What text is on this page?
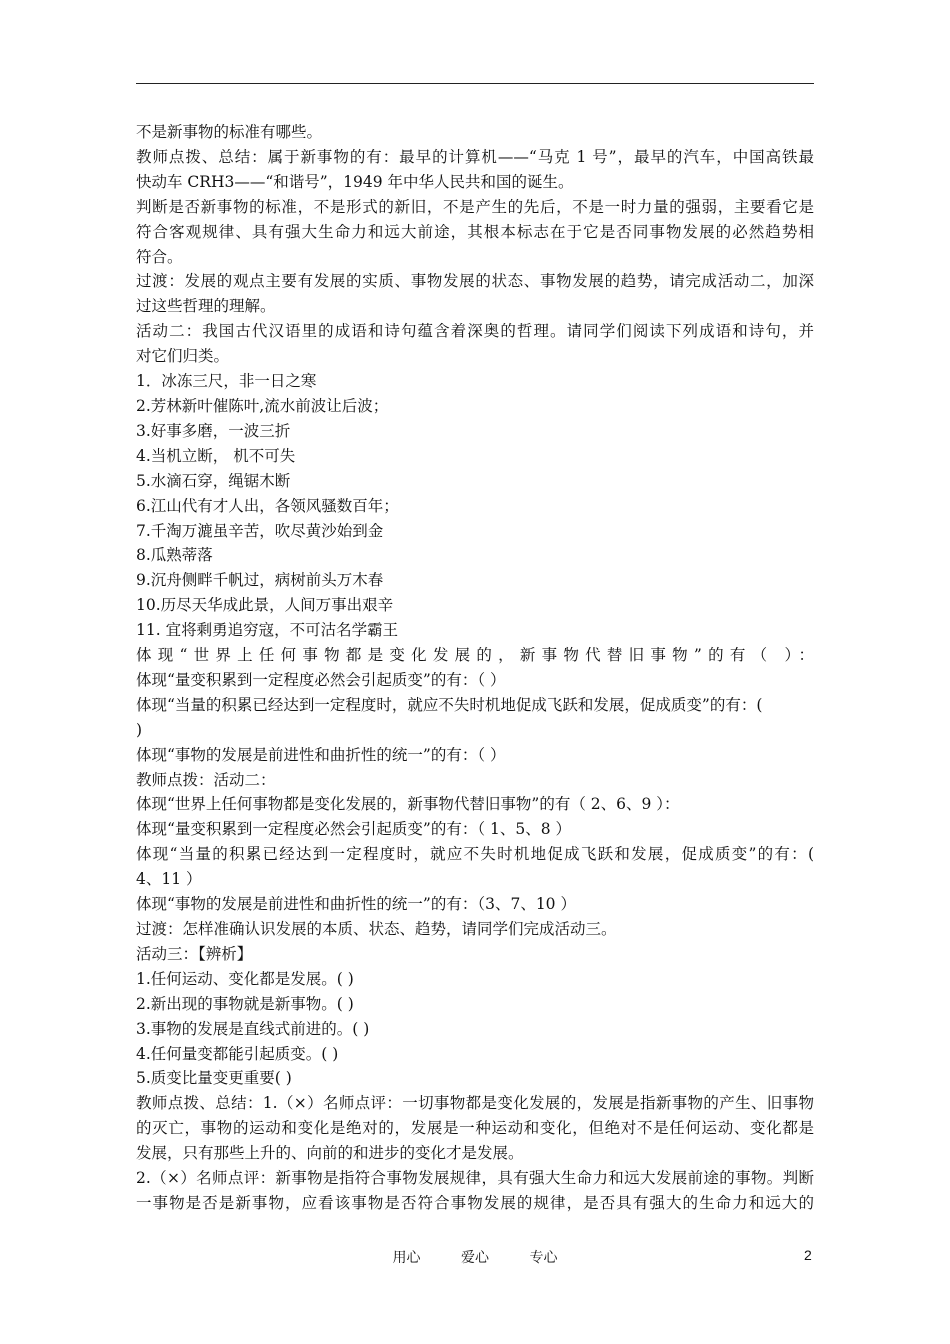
不是新事物的标准有哪些。

教师点拨、总结：属于新事物的有：最早的计算机——“马克 1 号”，最早的汽车，中国高铁最

快动车 CRH3——“和谐号”，1949 年中华人民共和国的诞生。

判断是否新事物的标准，不是形式的新旧，不是产生的先后，不是一时力量的强弱，主要看它是

符合客观规律、具有强大生命力和远大前途，其根本标志在于它是否同事物发展的必然趋势相

符合。

过渡：发展的观点主要有发展的实质、事物发展的状态、事物发展的趋势，请完成活动二，加深

过这些哲理的理解。

活动二：我国古代汉语里的成语和诗句蕴含着深奥的哲理。请同学们阅读下列成语和诗句，并

对它们归类。

1．冰冻三尺，非一日之寒

2.芳林新叶催陈叶,流水前波让后波；

3.好事多磨，一波三折

4.当机立断， 机不可失

5.水滴石穿，绳锯木断

6.江山代有才人出，各领风骚数百年；

7.千淘万漉虽辛苦，吹尽黄沙始到金

8.瓜熟蒂落

9.沉舟侧畔千帆过，病树前头万木春

10.历尽天华成此景，人间万事出艰辛

11. 宜将剩勇追穷寇，不可沽名学霸王

体现“世界上任何事物都是变化发展的，新事物代替旧事物”的有（ ）：

体现“量变积累到一定程度必然会引起质变”的有：（ ）

体现“当量的积累已经达到一定程度时，就应不失时机地促成飞跃和发展，促成质变”的有：(

)

体现“事物的发展是前进性和曲折性的统一”的有：（ ）

教师点拨：活动二：

体现“世界上任何事物都是变化发展的，新事物代替旧事物”的有（ 2、6、9 ）：

体现“量变积累到一定程度必然会引起质变”的有：（ 1、5、8 ）

体现“当量的积累已经达到一定程度时，就应不失时机地促成飞跃和发展，促成质变”的有：(

4、11 ）

体现“事物的发展是前进性和曲折性的统一”的有：（3、7、10 ）

过渡：怎样准确认识发展的本质、状态、趋势，请同学们完成活动三。

活动三：【辨析】

1.任何运动、变化都是发展。( )

2.新出现的事物就是新事物。( )

3.事物的发展是直线式前进的。( )

4.任何量变都能引起质变。( )

5.质变比量变更重要( )

教师点拨、总结：1.（×）名师点评：一切事物都是变化发展的，发展是指新事物的产生、旧事物

的灭亡，事物的运动和变化是绝对的，发展是一种运动和变化，但绝对不是任何运动、变化都是

发展，只有那些上升的、向前的和进步的变化才是发展。

2.（×）名师点评：新事物是指符合事物发展规律，具有强大生命力和远大发展前途的事物。判断

一事物是否是新事物，应看该事物是否符合事物发展的规律，是否具有强大的生命力和远大的

用心	爱心	专心	2
